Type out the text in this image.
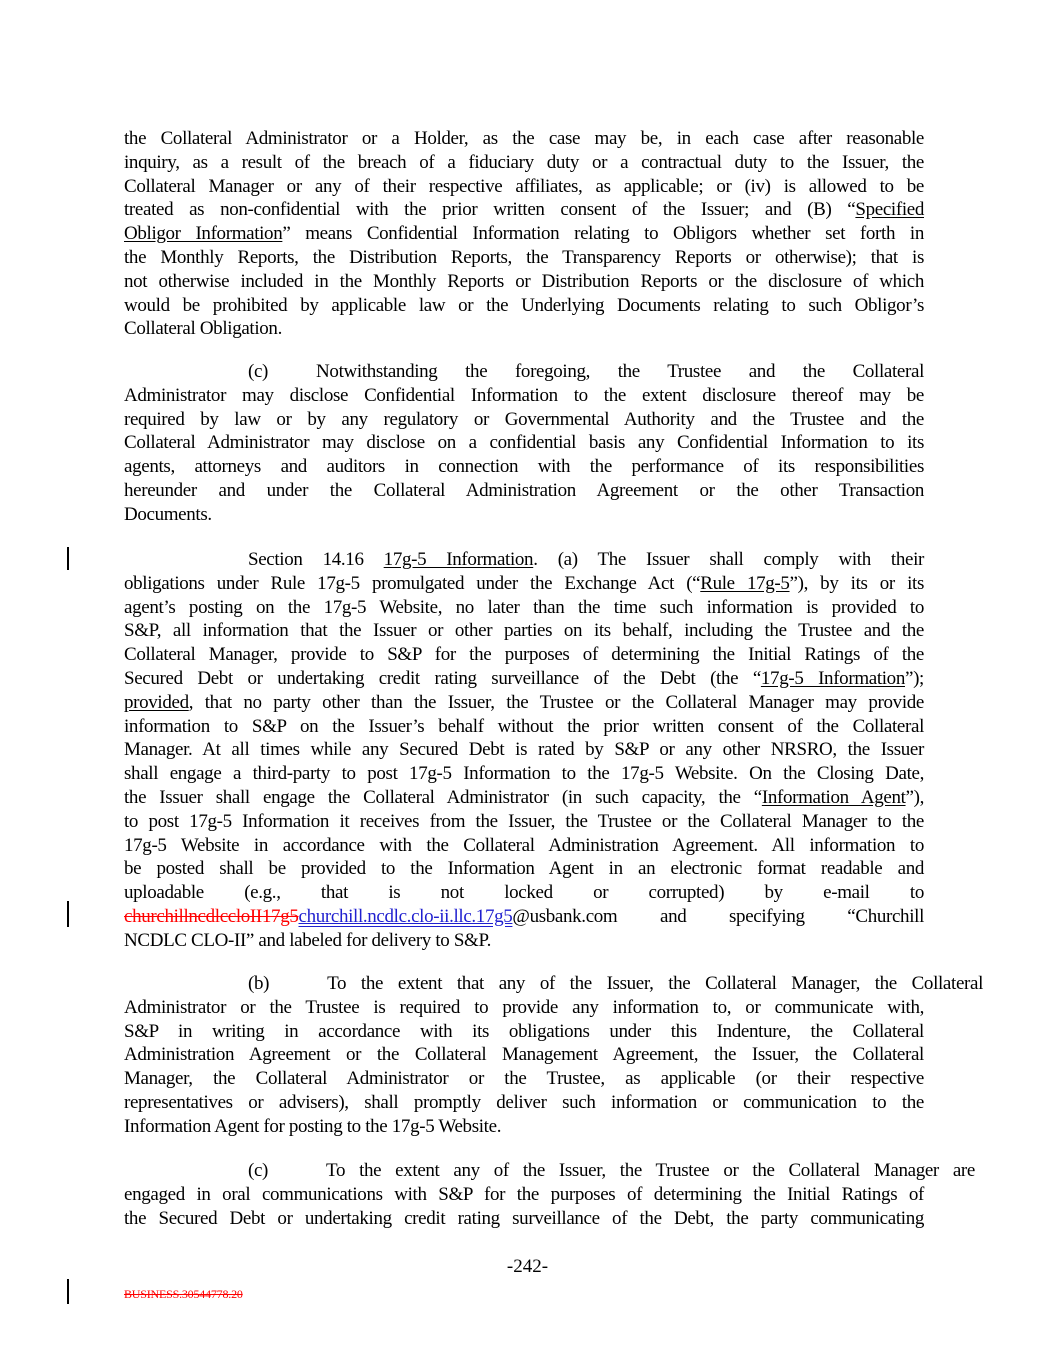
the Collateral Administrator or a Holder, as the case may be, in each case after reasonable
inquiry, as a result of the breach of a fiduciary duty or a contractual duty to the Issuer, the
Collateral Manager or any of their respective affiliates, as applicable; or (iv) is allowed to be
treated as non-confidential with the prior written consent of the Issuer; and (B) “Specified
Obligor Information” means Confidential Information relating to Obligors whether set forth in
the Monthly Reports, the Distribution Reports, the Transparency Reports or otherwise); that is
not otherwise included in the Monthly Reports or Distribution Reports or the disclosure of which
would be prohibited by applicable law or the Underlying Documents relating to such Obligor’s
Collateral Obligation.
(c)	Notwithstanding the foregoing, the Trustee and the Collateral
Administrator may disclose Confidential Information to the extent disclosure thereof may be
required by law or by any regulatory or Governmental Authority and the Trustee and the
Collateral Administrator may disclose on a confidential basis any Confidential Information to its
agents, attorneys and auditors in connection with the performance of its responsibilities
hereunder and under the Collateral Administration Agreement or the other Transaction
Documents.
Section 14.16 17g-5 Information. (a) The Issuer shall comply with their
obligations under Rule 17g-5 promulgated under the Exchange Act (“Rule 17g-5”), by its or its
agent’s posting on the 17g-5 Website, no later than the time such information is provided to
S&P, all information that the Issuer or other parties on its behalf, including the Trustee and the
Collateral Manager, provide to S&P for the purposes of determining the Initial Ratings of the
Secured Debt or undertaking credit rating surveillance of the Debt (the “17g-5 Information”);
provided, that no party other than the Issuer, the Trustee or the Collateral Manager may provide
information to S&P on the Issuer’s behalf without the prior written consent of the Collateral
Manager. At all times while any Secured Debt is rated by S&P or any other NRSRO, the Issuer
shall engage a third-party to post 17g-5 Information to the 17g-5 Website. On the Closing Date,
the Issuer shall engage the Collateral Administrator (in such capacity, the “Information Agent”),
to post 17g-5 Information it receives from the Issuer, the Trustee or the Collateral Manager to the
17g-5 Website in accordance with the Collateral Administration Agreement. All information to
be posted shall be provided to the Information Agent in an electronic format readable and
uploadable (e.g., that is not locked or corrupted) by e-mail to
churchillncdlccloII17g5churchill.ncdlc.clo-ii.llc.17g5@usbank.com and specifying “Churchill
NCDLC CLO-II” and labeled for delivery to S&P.
(b)	To the extent that any of the Issuer, the Collateral Manager, the Collateral
Administrator or the Trustee is required to provide any information to, or communicate with,
S&P in writing in accordance with its obligations under this Indenture, the Collateral
Administration Agreement or the Collateral Management Agreement, the Issuer, the Collateral
Manager, the Collateral Administrator or the Trustee, as applicable (or their respective
representatives or advisers), shall promptly deliver such information or communication to the
Information Agent for posting to the 17g-5 Website.
(c)	To the extent any of the Issuer, the Trustee or the Collateral Manager are
engaged in oral communications with S&P for the purposes of determining the Initial Ratings of
the Secured Debt or undertaking credit rating surveillance of the Debt, the party communicating
-242-
BUSINESS.30544778.20
